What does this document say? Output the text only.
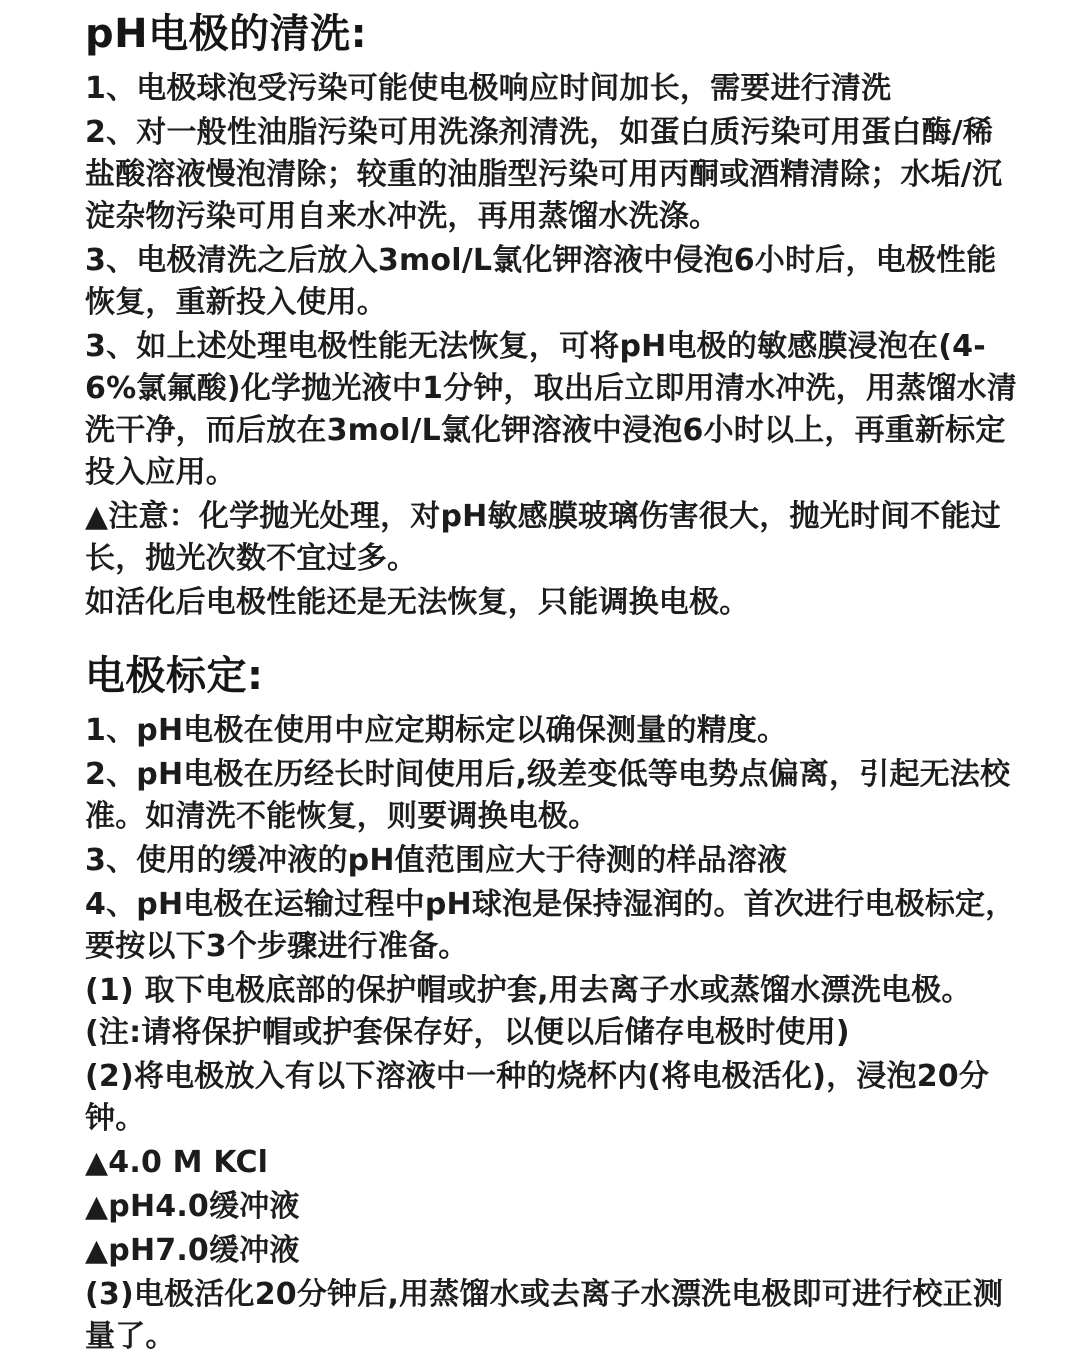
pH电极的清洗:

1、电极球泡受污染可能使电极响应时间加长，需要进行清洗

2、对一般性油脂污染可用洗涤剂清洗，如蛋白质污染可用蛋白酶/稀盐酸溶液慢泡清除；较重的油脂型污染可用丙酮或酒精清除；水垢/沉淀杂物污染可用自来水冲洗，再用蒸馏水洗涤。

3、电极清洗之后放入3mol/L氯化钾溶液中侵泡6小时后，电极性能恢复，重新投入使用。

3、如上述处理电极性能无法恢复，可将pH电极的敏感膜浸泡在(4-6%氯氟酸)化学抛光液中1分钟，取出后立即用清水冲洗，用蒸馏水清洗干净，而后放在3mol/L氯化钾溶液中浸泡6小时以上，再重新标定投入应用。

▲注意：化学抛光处理，对pH敏感膜玻璃伤害很大，抛光时间不能过长，抛光次数不宜过多。

如活化后电极性能还是无法恢复，只能调换电极。

电极标定:

1、pH电极在使用中应定期标定以确保测量的精度。

2、pH电极在历经长时间使用后,级差变低等电势点偏离，引起无法校准。如清洗不能恢复，则要调换电极。

3、使用的缓冲液的pH值范围应大于待测的样品溶液

4、pH电极在运输过程中pH球泡是保持湿润的。首次进行电极标定，要按以下3个步骤进行准备。

(1) 取下电极底部的保护帽或护套,用去离子水或蒸馏水漂洗电极。(注:请将保护帽或护套保存好，以便以后储存电极时使用)

(2)将电极放入有以下溶液中一种的烧杯内(将电极活化)，浸泡20分钟。

▲4.0 M KCl

▲pH4.0缓冲液

▲pH7.0缓冲液

(3)电极活化20分钟后,用蒸馏水或去离子水漂洗电极即可进行校正测量了。
